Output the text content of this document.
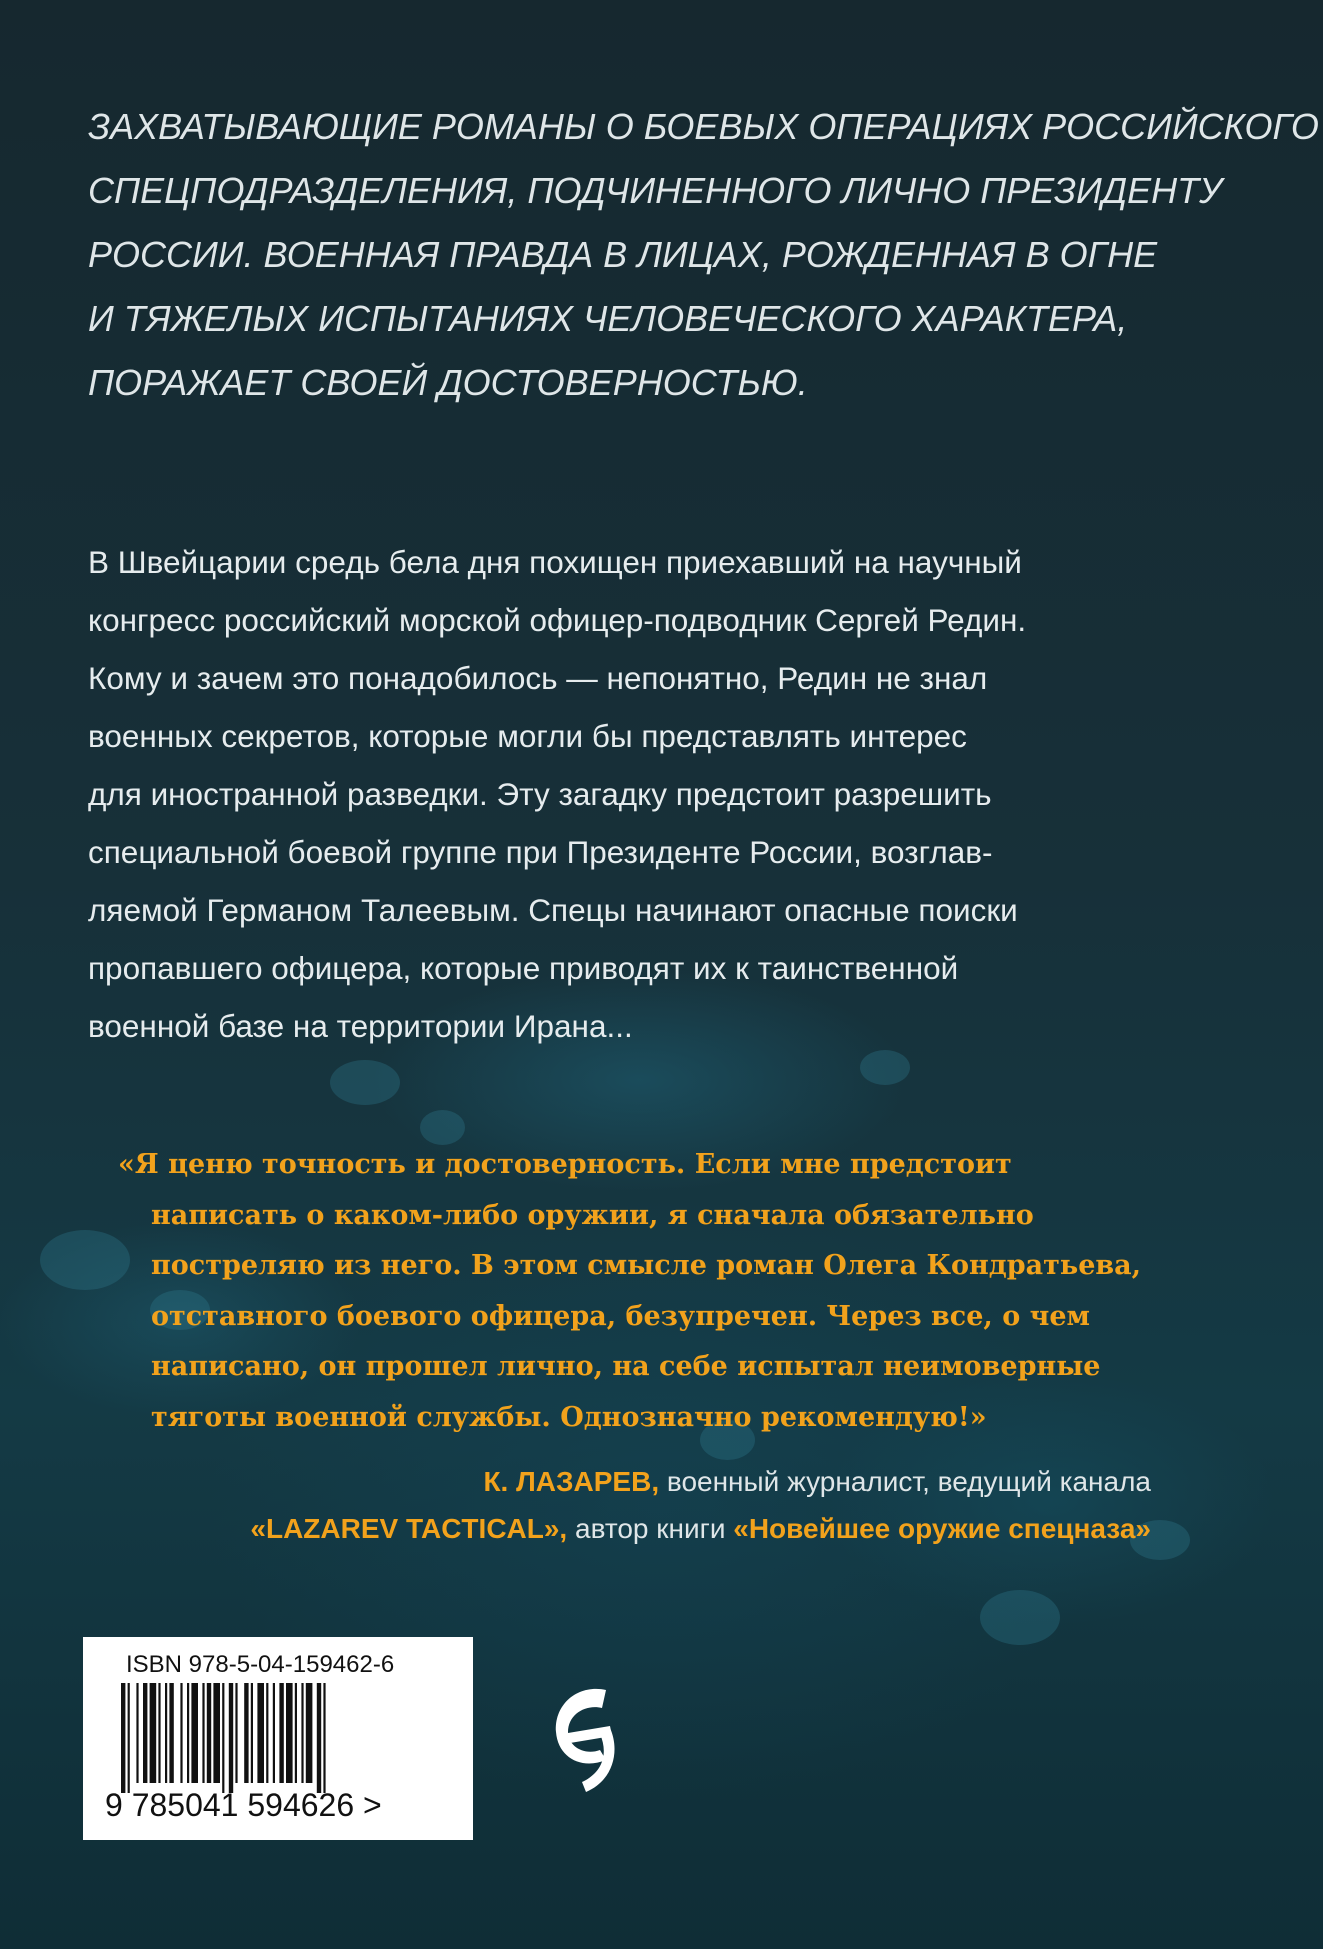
ЗАХВАТЫВАЮЩИЕ РОМАНЫ О БОЕВЫХ ОПЕРАЦИЯХ РОССИЙСКОГО
СПЕЦПОДРАЗДЕЛЕНИЯ, ПОДЧИНЕННОГО ЛИЧНО ПРЕЗИДЕНТУ
РОССИИ. ВОЕННАЯ ПРАВДА В ЛИЦАХ, РОЖДЕННАЯ В ОГНЕ
И ТЯЖЕЛЫХ ИСПЫТАНИЯХ ЧЕЛОВЕЧЕСКОГО ХАРАКТЕРА,
ПОРАЖАЕТ СВОЕЙ ДОСТОВЕРНОСТЬЮ.

В Швейцарии средь бела дня похищен приехавший на научный
конгресс российский морской офицер-подводник Сергей Редин.
Кому и зачем это понадобилось — непонятно, Редин не знал
военных секретов, которые могли бы представлять интерес
для иностранной разведки. Эту загадку предстоит разрешить
специальной боевой группе при Президенте России, возглав-
ляемой Германом Талеевым. Спецы начинают опасные поиски
пропавшего офицера, которые приводят их к таинственной
военной базе на территории Ирана...

«Я ценю точность и достоверность. Если мне предстоит
написать о каком-либо оружии, я сначала обязательно
постреляю из него. В этом смысле роман Олега Кондратьева,
отставного боевого офицера, безупречен. Через все, о чем
написано, он прошел лично, на себе испытал неимоверные
тяготы военной службы. Однозначно рекомендую!»

К. ЛАЗАРЕВ, военный журналист, ведущий канала
«LAZAREV TACTICAL», автор книги «Новейшее оружие спецназа»
ISBN 978-5-04-159462-6
9 785041 594626 >
